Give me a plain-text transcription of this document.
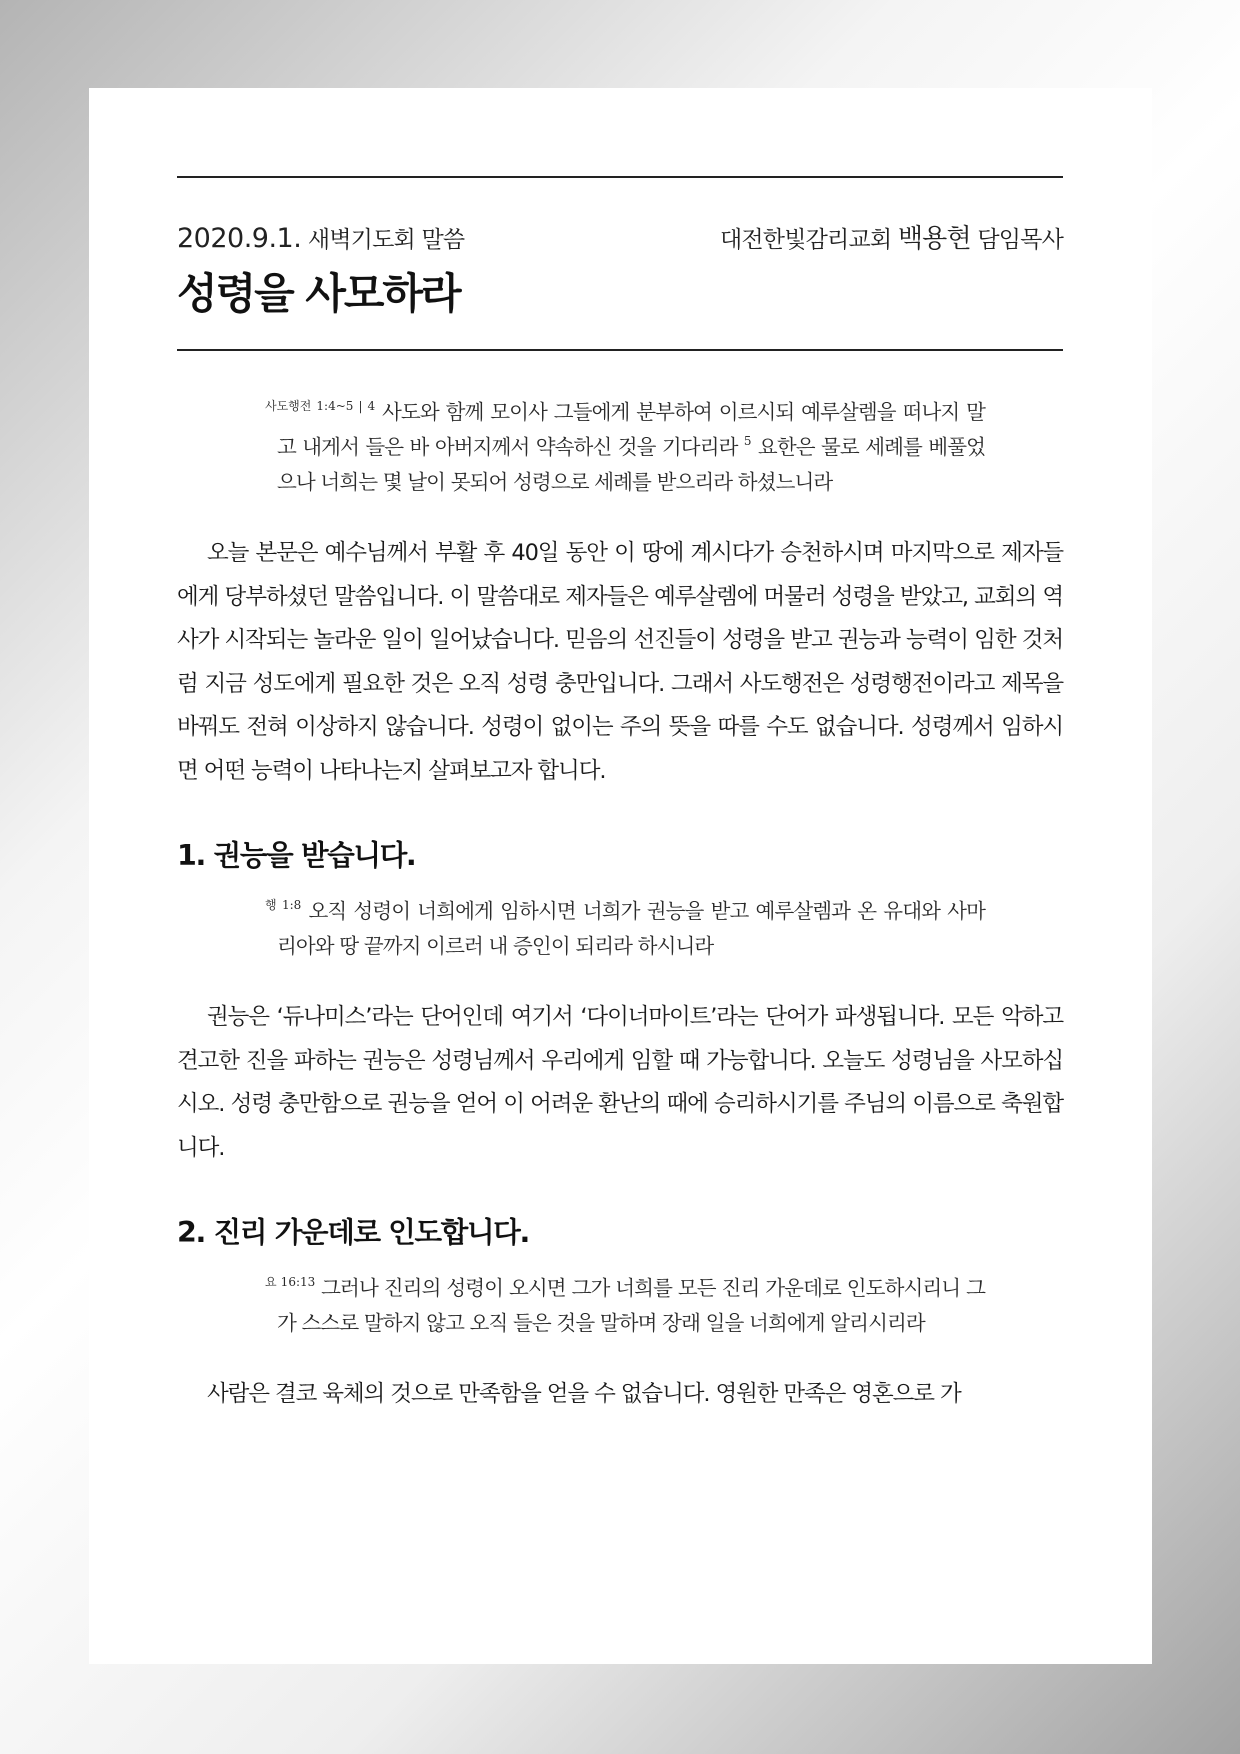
2020.9.1. 새벽기도회 말씀	대전한빛감리교회 백용현 담임목사
성령을 사모하라

$^{사도행전 1:4\sim 5 | 4}$ 사도와 함께 모이사 그들에게 분부하여 이르시되 예루살렘을 떠나지 말고 내게서 들은 바 아버지께서 약속하신 것을 기다리라 $^5$ 요한은 물로 세례를 베풀었으나 너희는 몇 날이 못되어 성령으로 세례를 받으리라 하셨느니라

오늘 본문은 예수님께서 부활 후 40일 동안 이 땅에 계시다가 승천하시며 마지막으로 제자들에게 당부하셨던 말씀입니다. 이 말씀대로 제자들은 예루살렘에 머물러 성령을 받았고, 교회의 역사가 시작되는 놀라운 일이 일어났습니다. 믿음의 선진들이 성령을 받고 권능과 능력이 임한 것처럼 지금 성도에게 필요한 것은 오직 성령 충만입니다. 그래서 사도행전은 성령행전이라고 제목을 바꿔도 전혀 이상하지 않습니다. 성령이 없이는 주의 뜻을 따를 수도 없습니다. 성령께서 임하시면 어떤 능력이 나타나는지 살펴보고자 합니다.

1. 권능을 받습니다.

$^{행 1:8}$ 오직 성령이 너희에게 임하시면 너희가 권능을 받고 예루살렘과 온 유대와 사마리아와 땅 끝까지 이르러 내 증인이 되리라 하시니라

권능은 ‘듀나미스’라는 단어인데 여기서 ‘다이너마이트’라는 단어가 파생됩니다. 모든 악하고 견고한 진을 파하는 권능은 성령님께서 우리에게 임할 때 가능합니다. 오늘도 성령님을 사모하십시오. 성령 충만함으로 권능을 얻어 이 어려운 환난의 때에 승리하시기를 주님의 이름으로 축원합니다.

2. 진리 가운데로 인도합니다.

$^{요 16:13}$ 그러나 진리의 성령이 오시면 그가 너희를 모든 진리 가운데로 인도하시리니 그가 스스로 말하지 않고 오직 들은 것을 말하며 장래 일을 너희에게 알리시리라

사람은 결코 육체의 것으로 만족함을 얻을 수 없습니다. 영원한 만족은 영혼으로 가
